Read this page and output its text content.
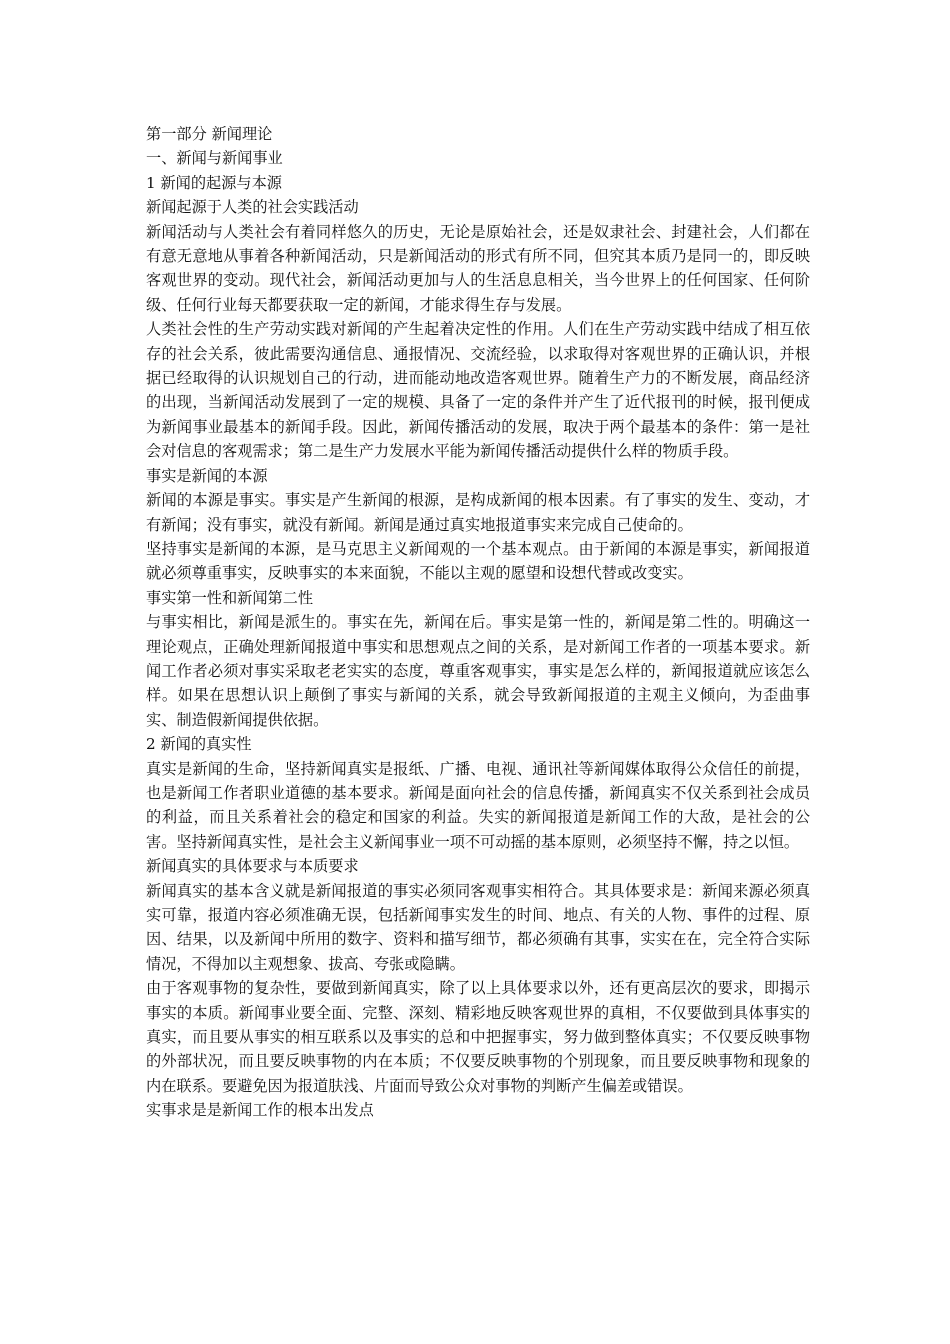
第一部分 新闻理论

一、新闻与新闻事业

1 新闻的起源与本源

新闻起源于人类的社会实践活动

新闻活动与人类社会有着同样悠久的历史，无论是原始社会，还是奴隶社会、封建社会，人们都在有意无意地从事着各种新闻活动，只是新闻活动的形式有所不同，但究其本质乃是同一的，即反映客观世界的变动。现代社会，新闻活动更加与人的生活息息相关，当今世界上的任何国家、任何阶级、任何行业每天都要获取一定的新闻，才能求得生存与发展。

人类社会性的生产劳动实践对新闻的产生起着决定性的作用。人们在生产劳动实践中结成了相互依存的社会关系，彼此需要沟通信息、通报情况、交流经验，以求取得对客观世界的正确认识，并根据已经取得的认识规划自己的行动，进而能动地改造客观世界。随着生产力的不断发展，商品经济的出现，当新闻活动发展到了一定的规模、具备了一定的条件并产生了近代报刊的时候，报刊便成为新闻事业最基本的新闻手段。因此，新闻传播活动的发展，取决于两个最基本的条件：第一是社会对信息的客观需求；第二是生产力发展水平能为新闻传播活动提供什么样的物质手段。

事实是新闻的本源

新闻的本源是事实。事实是产生新闻的根源，是构成新闻的根本因素。有了事实的发生、变动，才有新闻；没有事实，就没有新闻。新闻是通过真实地报道事实来完成自己使命的。

坚持事实是新闻的本源，是马克思主义新闻观的一个基本观点。由于新闻的本源是事实，新闻报道就必须尊重事实，反映事实的本来面貌，不能以主观的愿望和设想代替或改变实。

事实第一性和新闻第二性

与事实相比，新闻是派生的。事实在先，新闻在后。事实是第一性的，新闻是第二性的。明确这一理论观点，正确处理新闻报道中事实和思想观点之间的关系，是对新闻工作者的一项基本要求。新闻工作者必须对事实采取老老实实的态度，尊重客观事实，事实是怎么样的，新闻报道就应该怎么样。如果在思想认识上颠倒了事实与新闻的关系，就会导致新闻报道的主观主义倾向，为歪曲事实、制造假新闻提供依据。

2 新闻的真实性

真实是新闻的生命，坚持新闻真实是报纸、广播、电视、通讯社等新闻媒体取得公众信任的前提，也是新闻工作者职业道德的基本要求。新闻是面向社会的信息传播，新闻真实不仅关系到社会成员的利益，而且关系着社会的稳定和国家的利益。失实的新闻报道是新闻工作的大敌，是社会的公害。坚持新闻真实性，是社会主义新闻事业一项不可动摇的基本原则，必须坚持不懈，持之以恒。

新闻真实的具体要求与本质要求

新闻真实的基本含义就是新闻报道的事实必须同客观事实相符合。其具体要求是：新闻来源必须真实可靠，报道内容必须准确无误，包括新闻事实发生的时间、地点、有关的人物、事件的过程、原因、结果，以及新闻中所用的数字、资料和描写细节，都必须确有其事，实实在在，完全符合实际情况，不得加以主观想象、拔高、夸张或隐瞒。

由于客观事物的复杂性，要做到新闻真实，除了以上具体要求以外，还有更高层次的要求，即揭示事实的本质。新闻事业要全面、完整、深刻、精彩地反映客观世界的真相，不仅要做到具体事实的真实，而且要从事实的相互联系以及事实的总和中把握事实，努力做到整体真实；不仅要反映事物的外部状况，而且要反映事物的内在本质；不仅要反映事物的个别现象，而且要反映事物和现象的内在联系。要避免因为报道肤浅、片面而导致公众对事物的判断产生偏差或错误。

实事求是是新闻工作的根本出发点
